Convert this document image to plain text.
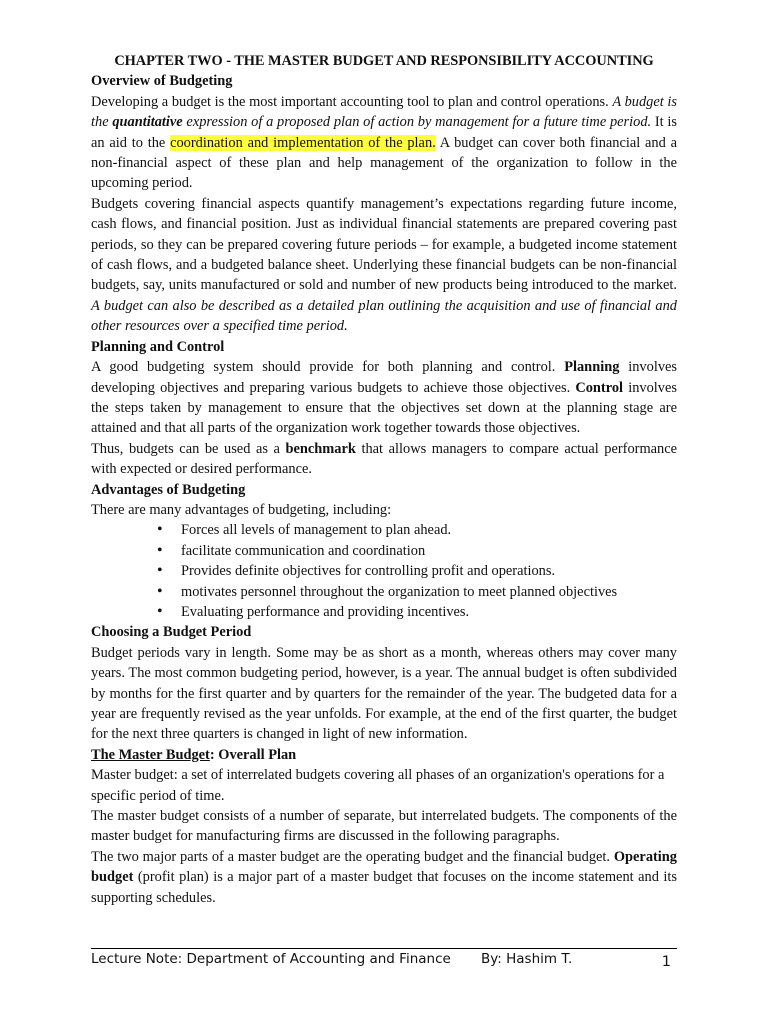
CHAPTER TWO - THE MASTER BUDGET AND RESPONSIBILITY ACCOUNTING
Overview of Budgeting

Developing a budget is the most important accounting tool to plan and control operations. A budget is the quantitative expression of a proposed plan of action by management for a future time period. It is an aid to the coordination and implementation of the plan. A budget can cover both financial and a non-financial aspect of these plan and help management of the organization to follow in the upcoming period.

Budgets covering financial aspects quantify management’s expectations regarding future income, cash flows, and financial position. Just as individual financial statements are prepared covering past periods, so they can be prepared covering future periods – for example, a budgeted income statement of cash flows, and a budgeted balance sheet. Underlying these financial budgets can be non-financial budgets, say, units manufactured or sold and number of new products being introduced to the market. A budget can also be described as a detailed plan outlining the acquisition and use of financial and other resources over a specified time period.

Planning and Control

A good budgeting system should provide for both planning and control. Planning involves developing objectives and preparing various budgets to achieve those objectives. Control involves the steps taken by management to ensure that the objectives set down at the planning stage are attained and that all parts of the organization work together towards those objectives.

Thus, budgets can be used as a benchmark that allows managers to compare actual performance with expected or desired performance.

Advantages of Budgeting

There are many advantages of budgeting, including:

• Forces all levels of management to plan ahead.
• facilitate communication and coordination
• Provides definite objectives for controlling profit and operations.
• motivates personnel throughout the organization to meet planned objectives
• Evaluating performance and providing incentives.
Choosing a Budget Period

Budget periods vary in length. Some may be as short as a month, whereas others may cover many years. The most common budgeting period, however, is a year. The annual budget is often subdivided by months for the first quarter and by quarters for the remainder of the year. The budgeted data for a year are frequently revised as the year unfolds. For example, at the end of the first quarter, the budget for the next three quarters is changed in light of new information.

The Master Budget: Overall Plan

Master budget: a set of interrelated budgets covering all phases of an organization's operations for a specific period of time.

The master budget consists of a number of separate, but interrelated budgets. The components of the master budget for manufacturing firms are discussed in the following paragraphs.

The two major parts of a master budget are the operating budget and the financial budget. Operating budget (profit plan) is a major part of a master budget that focuses on the income statement and its supporting schedules.

Lecture Note: Department of Accounting and Finance By: Hashim T.	1
